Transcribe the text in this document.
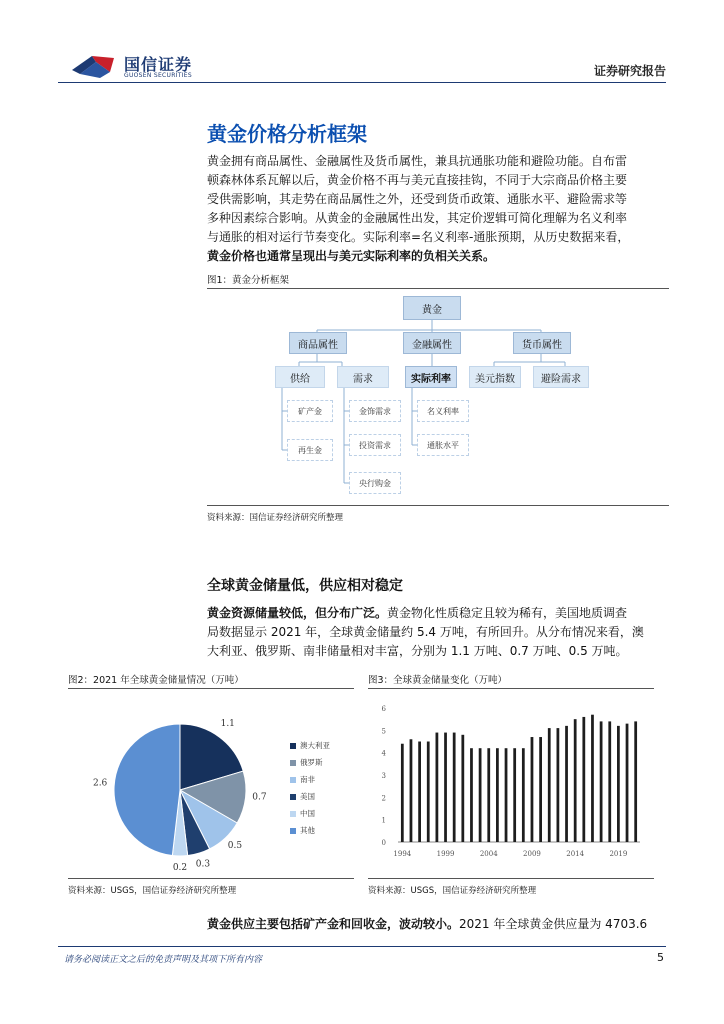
国信证券
GUOSEN SECURITIES	证券研究报告
黄金价格分析框架

黄金拥有商品属性、金融属性及货币属性，兼具抗通胀功能和避险功能。自布雷

顿森林体系瓦解以后，黄金价格不再与美元直接挂钩，不同于大宗商品价格主要

受供需影响，其走势在商品属性之外，还受到货币政策、通胀水平、避险需求等

多种因素综合影响。从黄金的金融属性出发，其定价逻辑可简化理解为名义利率

与通胀的相对运行节奏变化。实际利率=名义利率-通胀预期，从历史数据来看，

黄金价格也通常呈现出与美元实际利率的负相关关系。

图1：黄金分析框架
黄金
商品属性	金融属性	货币属性
供给	需求	实际利率	美元指数	避险需求
矿产金
再生金
金饰需求
投资需求
央行购金
名义利率
通胀水平
资料来源：国信证券经济研究所整理
全球黄金储量低，供应相对稳定

黄金资源储量较低，但分布广泛。黄金物化性质稳定且较为稀有，美国地质调查

局数据显示 2021 年，全球黄金储量约 5.4 万吨，有所回升。从分布情况来看，澳

大利亚、俄罗斯、南非储量相对丰富，分别为 1.1 万吨、0.7 万吨、0.5 万吨。

图2：2021 年全球黄金储量情况（万吨）
1.1
0.7
0.5
0.3
0.2
2.6
澳大利亚
俄罗斯
南非
美国
中国
其他
资料来源：USGS，国信证券经济研究所整理
图3：全球黄金储量变化（万吨）
0
1
2
3
4
5
6
1994	1999	2004	2009	2014	2019
资料来源：USGS，国信证券经济研究所整理

黄金供应主要包括矿产金和回收金，波动较小。2021 年全球黄金供应量为 4703.6

请务必阅读正文之后的免责声明及其项下所有内容	5
